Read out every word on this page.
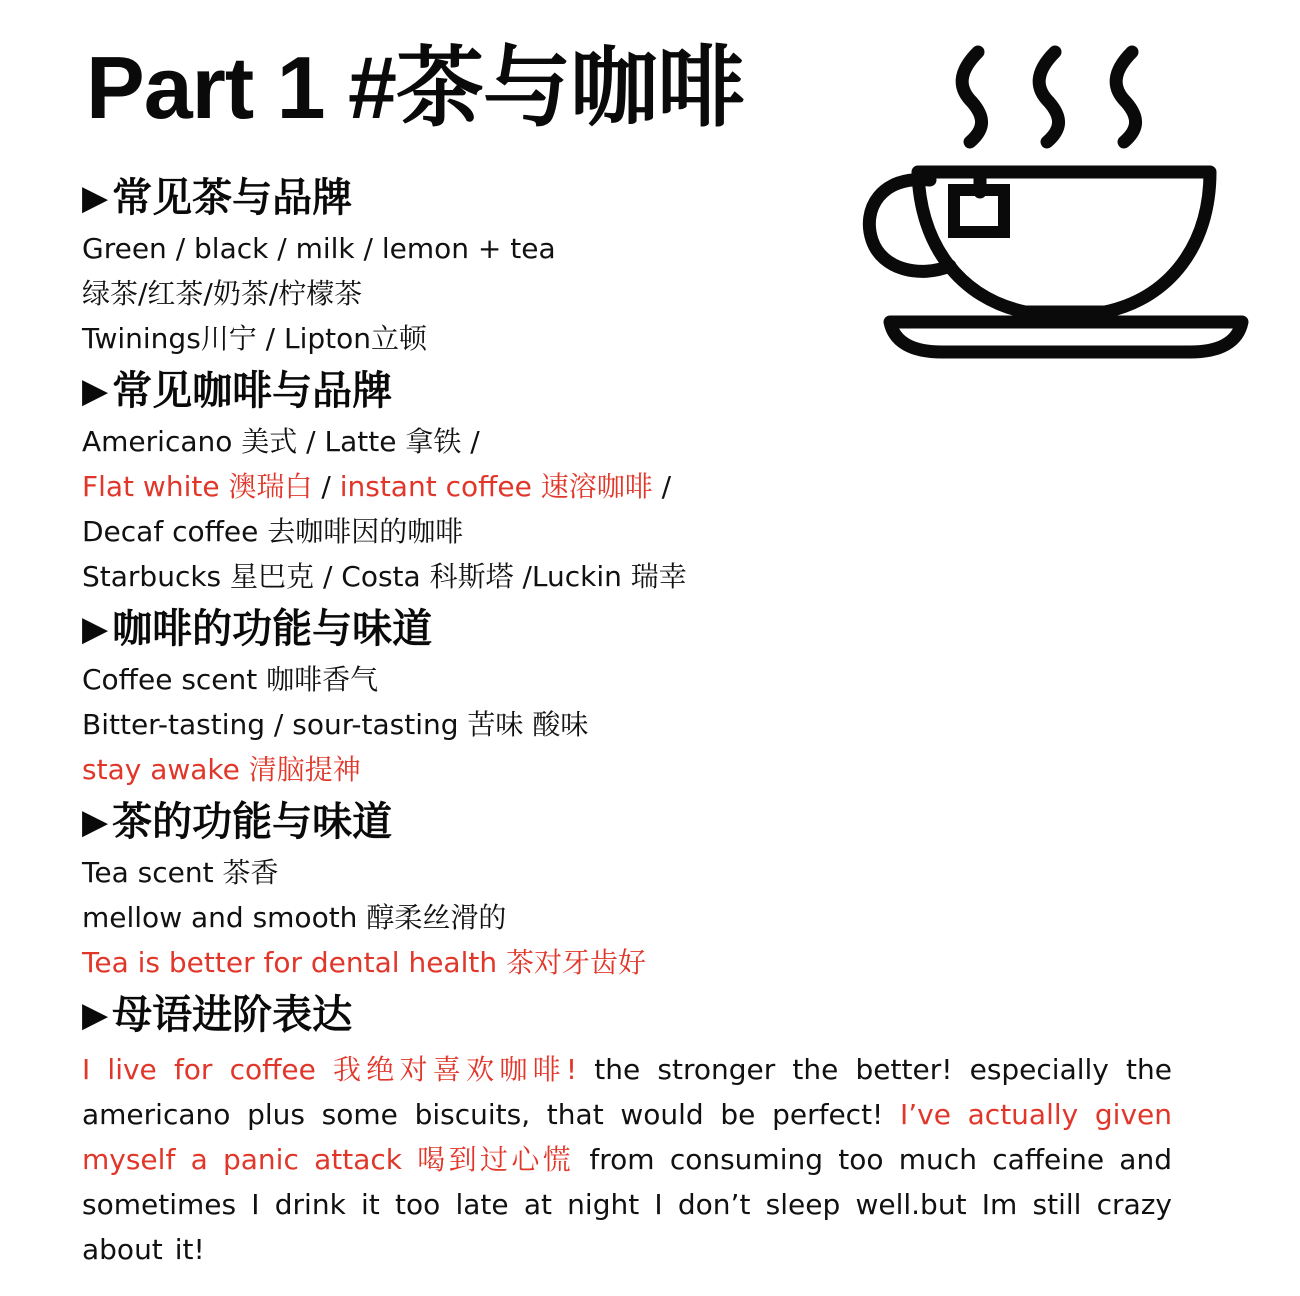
Part 1 #茶与咖啡
▶ 常见茶与品牌
Green / black / milk / lemon + tea
绿茶/红茶/奶茶/柠檬茶
Twinings川宁 / Lipton立顿
▶ 常见咖啡与品牌
Americano 美式 / Latte 拿铁 /
Flat white 澳瑞白 / instant coffee 速溶咖啡 /
Decaf coffee 去咖啡因的咖啡
Starbucks 星巴克 / Costa 科斯塔 /Luckin 瑞幸
▶ 咖啡的功能与味道
Coffee scent 咖啡香气
Bitter-tasting / sour-tasting 苦味 酸味
stay awake 清脑提神
▶ 茶的功能与味道
Tea scent 茶香
mellow and smooth 醇柔丝滑的
Tea is better for dental health 茶对牙齿好
▶ 母语进阶表达
I live for coffee 我绝对喜欢咖啡! the stronger the better! especially the americano plus some biscuits, that would be perfect! I’ve actually given myself a panic attack 喝到过心慌 from consuming too much caffeine and sometimes I drink it too late at night I don’t sleep well.but Im still crazy about it!
